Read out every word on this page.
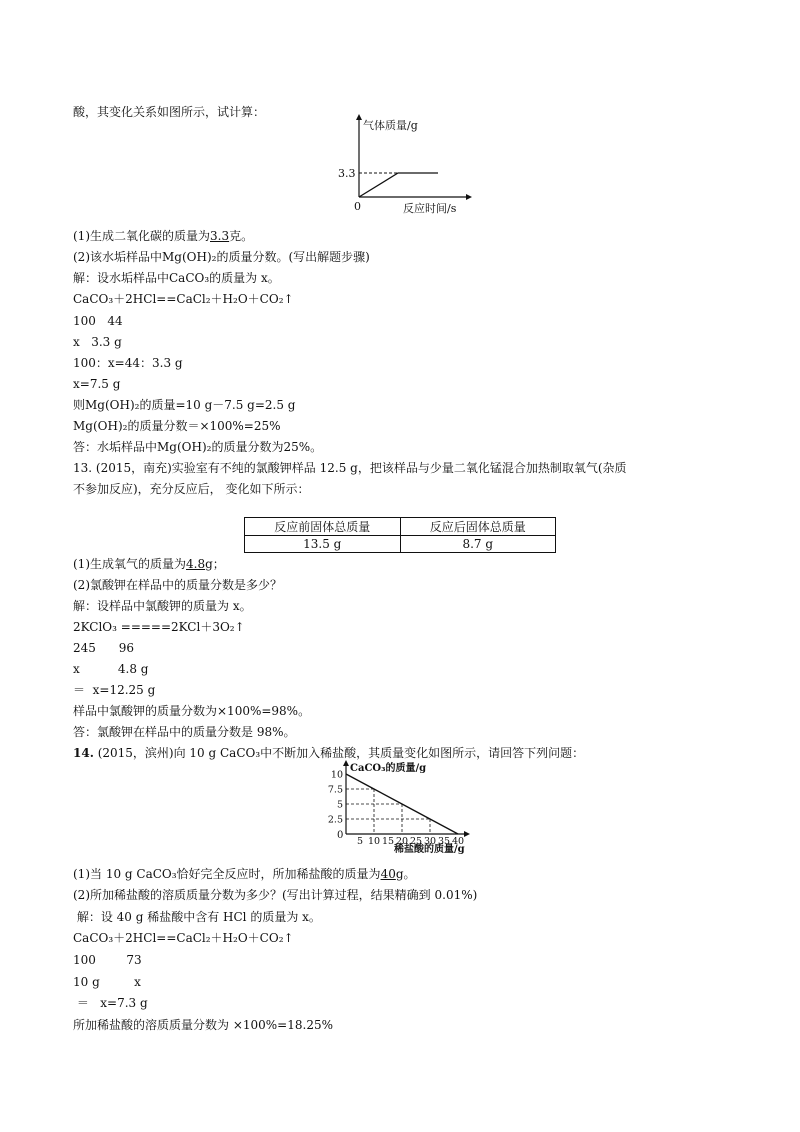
酸，其变化关系如图所示，试计算：
气体质量/g
反应时间/s
0
3.3
(1)生成二氧化碳的质量为3.3克。
(2)该水垢样品中Mg(OH)₂的质量分数。(写出解题步骤)
解：设水垢样品中CaCO₃的质量为 x。
CaCO₃＋2HCl==CaCl₂＋H₂O＋CO₂↑
100   44
x   3.3 g
100：x=44：3.3 g
x=7.5 g
则Mg(OH)₂的质量=10 g－7.5 g=2.5 g
Mg(OH)₂的质量分数＝×100%=25%
答：水垢样品中Mg(OH)₂的质量分数为25%。
13. (2015，南充)实验室有不纯的氯酸钾样品 12.5 g，把该样品与少量二氧化锰混合加热制取氧气(杂质
不参加反应)，充分反应后， 变化如下所示：
反应前固体总质量	反应后固体总质量
13.5 g	8.7 g
(1)生成氧气的质量为4.8g；
(2)氯酸钾在样品中的质量分数是多少？
解：设样品中氯酸钾的质量为 x。
2KClO₃ =====2KCl＋3O₂↑
245      96
x          4.8 g
＝  x=12.25 g
样品中氯酸钾的质量分数为×100%=98%。
答：氯酸钾在样品中的质量分数是 98%。
14. (2015，滨州)向 10 g CaCO₃中不断加入稀盐酸，其质量变化如图所示，请回答下列问题：
CaCO₃的质量/g
稀盐酸的质量/g
0
5 10 15 20 25 30 35 40
2.5
5
7.5
10
(1)当 10 g CaCO₃恰好完全反应时，所加稀盐酸的质量为40g。
(2)所加稀盐酸的溶质质量分数为多少？(写出计算过程，结果精确到 0.01%)
解：设 40 g 稀盐酸中含有 HCl 的质量为 x。
CaCO₃＋2HCl==CaCl₂＋H₂O＋CO₂↑
100        73
10 g         x
＝   x=7.3 g
所加稀盐酸的溶质质量分数为 ×100%=18.25%
